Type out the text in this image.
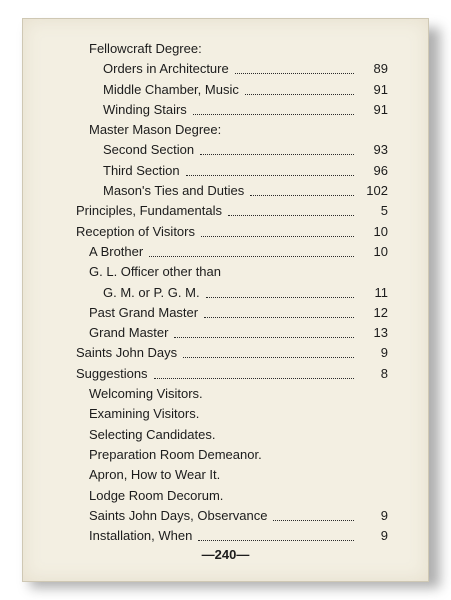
Fellowcraft Degree:
Orders in Architecture	89
Middle Chamber, Music	91
Winding Stairs	91
Master Mason Degree:
Second Section	93
Third Section	96
Mason's Ties and Duties	102
Principles, Fundamentals	5
Reception of Visitors	10
A Brother	10
G. L. Officer other than
G. M. or P. G. M.	11
Past Grand Master	12
Grand Master	13
Saints John Days	9
Suggestions	8
Welcoming Visitors.
Examining Visitors.
Selecting Candidates.
Preparation Room Demeanor.
Apron, How to Wear It.
Lodge Room Decorum.
Saints John Days, Observance	9
Installation, When	9
—240—
